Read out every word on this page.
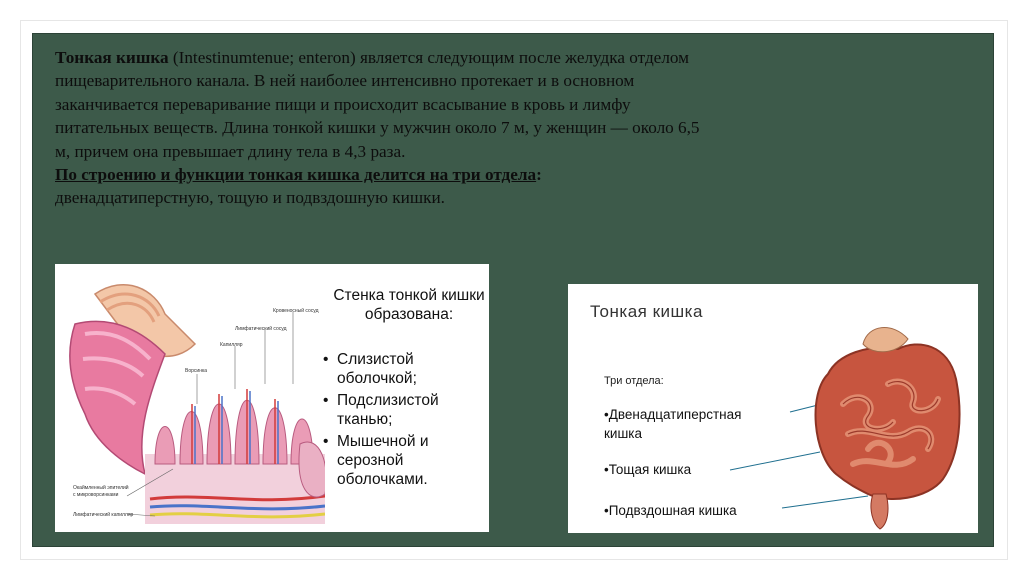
Тонкая кишка (Intestinumtenue; enteron) является следующим после желудка отделом пищеварительного канала. В ней наиболее интенсивно протекает и в основном заканчивается переваривание пищи и происходит всасывание в кровь и лимфу питательных веществ. Длина тонкой кишки у мужчин около 7 м, у женщин — около 6,5 м, причем она превышает длину тела в 4,3 раза.
По строению и функции тонкая кишка делится на три отдела:
двенадцатиперстную, тощую и подвздошную кишки.
Кровеносный сосуд
Лимфатический сосуд
Капилляр
Ворсинка
Окаймленный эпителий
с микроворсинками
Лимфатический капилляр
Стенка тонкой кишки образована:
• Слизистой оболочкой;
• Подслизистой тканью;
• Мышечной и серозной оболочками.
Тонкая кишка
Три отдела:
•Двенадцатиперстная
кишка
•Тощая кишка
•Подвздошная кишка
